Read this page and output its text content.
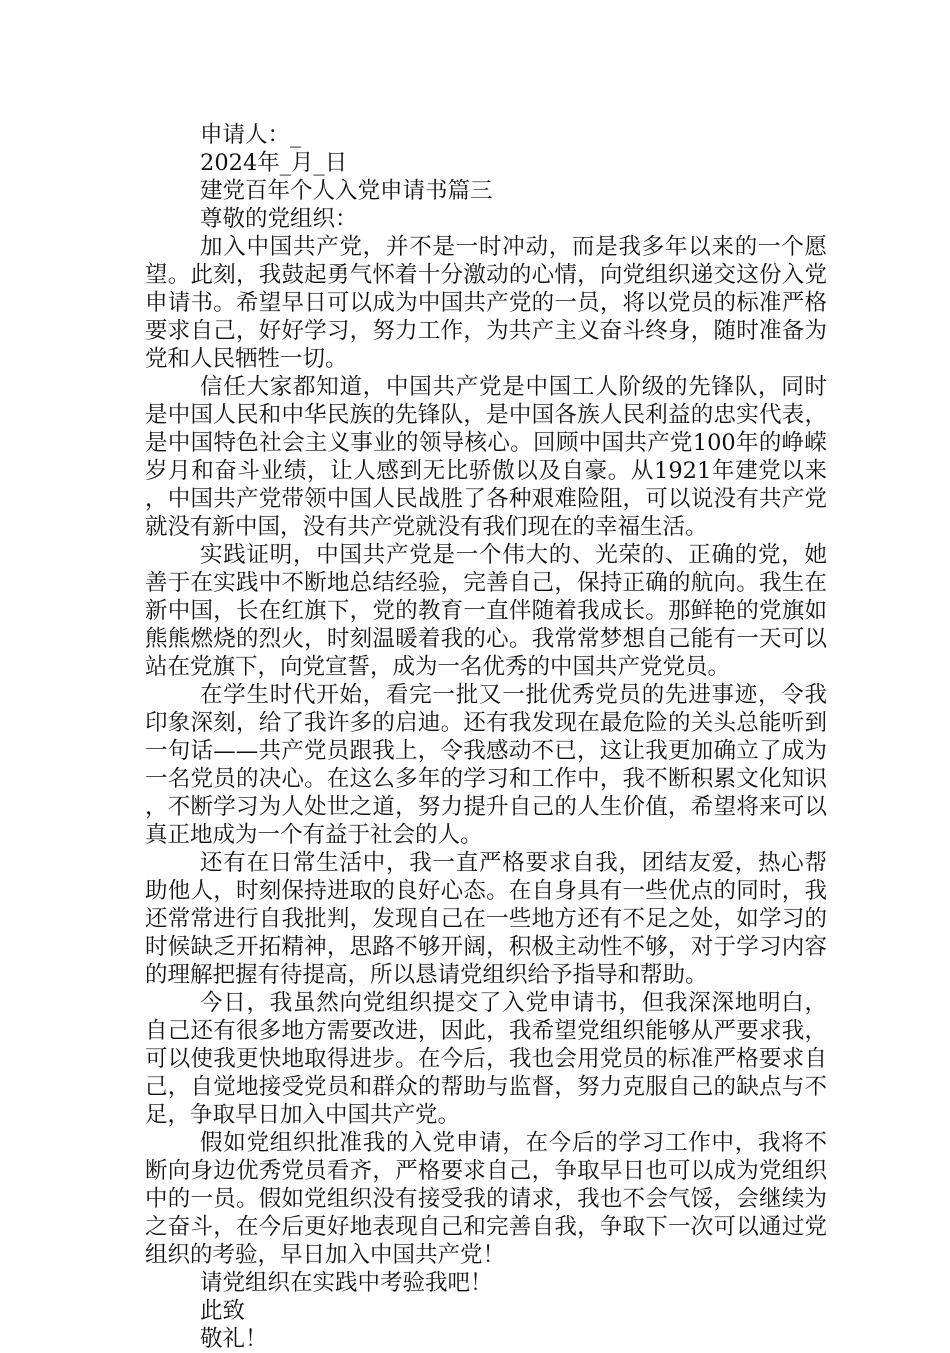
申请人：_

2024年_月_日

建党百年个人入党申请书篇三

尊敬的党组织：

加入中国共产党，并不是一时冲动，而是我多年以来的一个愿望。此刻，我鼓起勇气怀着十分激动的心情，向党组织递交这份入党申请书。希望早日可以成为中国共产党的一员，将以党员的标准严格要求自己，好好学习，努力工作，为共产主义奋斗终身，随时准备为党和人民牺牲一切。

信任大家都知道，中国共产党是中国工人阶级的先锋队，同时是中国人民和中华民族的先锋队，是中国各族人民利益的忠实代表，是中国特色社会主义事业的领导核心。回顾中国共产党100年的峥嵘岁月和奋斗业绩，让人感到无比骄傲以及自豪。从1921年建党以来，中国共产党带领中国人民战胜了各种艰难险阻，可以说没有共产党就没有新中国，没有共产党就没有我们现在的幸福生活。

实践证明，中国共产党是一个伟大的、光荣的、正确的党，她善于在实践中不断地总结经验，完善自己，保持正确的航向。我生在新中国，长在红旗下，党的教育一直伴随着我成长。那鲜艳的党旗如熊熊燃烧的烈火，时刻温暖着我的心。我常常梦想自己能有一天可以站在党旗下，向党宣誓，成为一名优秀的中国共产党党员。

在学生时代开始，看完一批又一批优秀党员的先进事迹，令我印象深刻，给了我许多的启迪。还有我发现在最危险的关头总能听到一句话——共产党员跟我上，令我感动不已，这让我更加确立了成为一名党员的决心。在这么多年的学习和工作中，我不断积累文化知识，不断学习为人处世之道，努力提升自己的人生价值，希望将来可以真正地成为一个有益于社会的人。

还有在日常生活中，我一直严格要求自我，团结友爱，热心帮助他人，时刻保持进取的良好心态。在自身具有一些优点的同时，我还常常进行自我批判，发现自己在一些地方还有不足之处，如学习的时候缺乏开拓精神，思路不够开阔，积极主动性不够，对于学习内容的理解把握有待提高，所以恳请党组织给予指导和帮助。

今日，我虽然向党组织提交了入党申请书，但我深深地明白，自己还有很多地方需要改进，因此，我希望党组织能够从严要求我，可以使我更快地取得进步。在今后，我也会用党员的标准严格要求自己，自觉地接受党员和群众的帮助与监督，努力克服自己的缺点与不足，争取早日加入中国共产党。

假如党组织批准我的入党申请，在今后的学习工作中，我将不断向身边优秀党员看齐，严格要求自己，争取早日也可以成为党组织中的一员。假如党组织没有接受我的请求，我也不会气馁，会继续为之奋斗，在今后更好地表现自己和完善自我，争取下一次可以通过党组织的考验，早日加入中国共产党！

请党组织在实践中考验我吧！

此致

敬礼！
